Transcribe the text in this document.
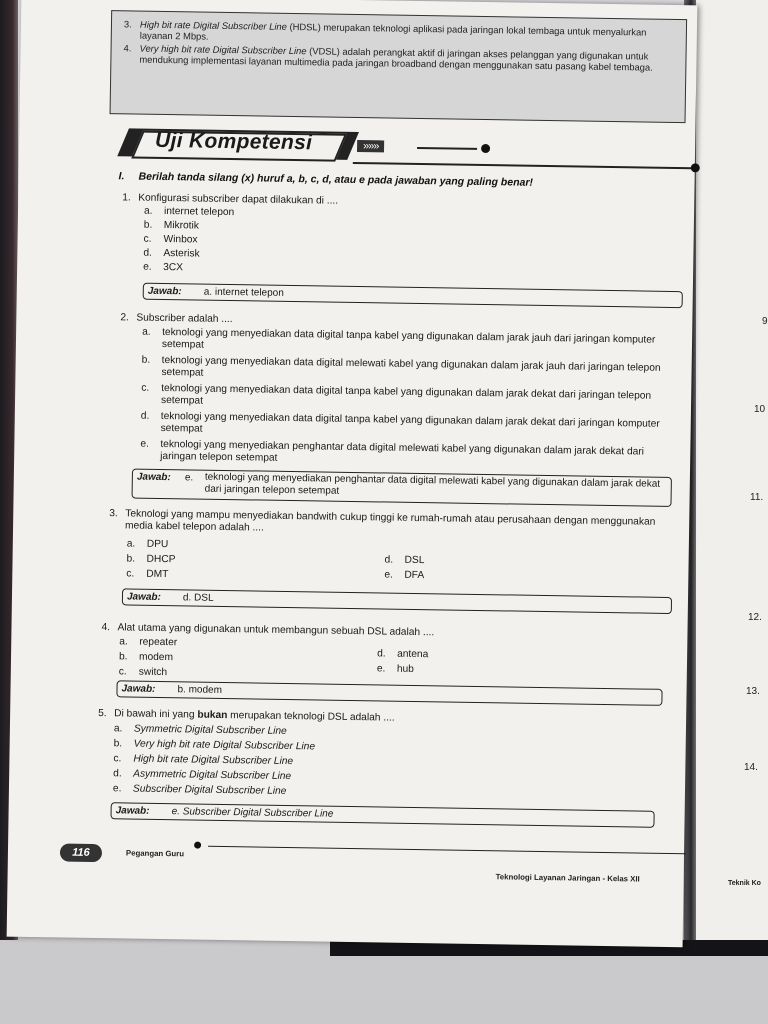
3. High bit rate Digital Subscriber Line (HDSL) merupakan teknologi aplikasi pada jaringan lokal tembaga untuk menyalurkan layanan 2 Mbps.
4. Very high bit rate Digital Subscriber Line (VDSL) adalah perangkat aktif di jaringan akses pelanggan yang digunakan untuk mendukung implementasi layanan multimedia pada jaringan broadband dengan menggunakan satu pasang kabel tembaga.
Uji Kompetensi	»»»
I. Berilah tanda silang (x) huruf a, b, c, d, atau e pada jawaban yang paling benar!
1. Konfigurasi subscriber dapat dilakukan di ....
a. internet telepon
b. Mikrotik
c. Winbox
d. Asterisk
e. 3CX
Jawab: a. internet telepon
2. Subscriber adalah ....
a. teknologi yang menyediakan data digital tanpa kabel yang digunakan dalam jarak jauh dari jaringan komputer setempat
b. teknologi yang menyediakan data digital melewati kabel yang digunakan dalam jarak jauh dari jaringan telepon setempat
c. teknologi yang menyediakan data digital tanpa kabel yang digunakan dalam jarak dekat dari jaringan telepon setempat
d. teknologi yang menyediakan data digital tanpa kabel yang digunakan dalam jarak dekat dari jaringan komputer setempat
e. teknologi yang menyediakan penghantar data digital melewati kabel yang digunakan dalam jarak dekat dari jaringan telepon setempat
Jawab: e. teknologi yang menyediakan penghantar data digital melewati kabel yang digunakan dalam jarak dekat dari jaringan telepon setempat
3. Teknologi yang mampu menyediakan bandwith cukup tinggi ke rumah-rumah atau perusahaan dengan menggunakan media kabel telepon adalah ....
a. DPU
b. DHCP
c. DMT
d. DSL
e. DFA
Jawab: d. DSL
4. Alat utama yang digunakan untuk membangun sebuah DSL adalah ....
a. repeater
b. modem
c. switch
d. antena
e. hub
Jawab: b. modem
5. Di bawah ini yang bukan merupakan teknologi DSL adalah ....
a. Symmetric Digital Subscriber Line
b. Very high bit rate Digital Subscriber Line
c. High bit rate Digital Subscriber Line
d. Asymmetric Digital Subscriber Line
e. Subscriber Digital Subscriber Line
Jawab: e. Subscriber Digital Subscriber Line
116	Pegangan Guru
Teknologi Layanan Jaringan - Kelas XII
9
10
11.
12.
13.
14.
Teknik Ko
